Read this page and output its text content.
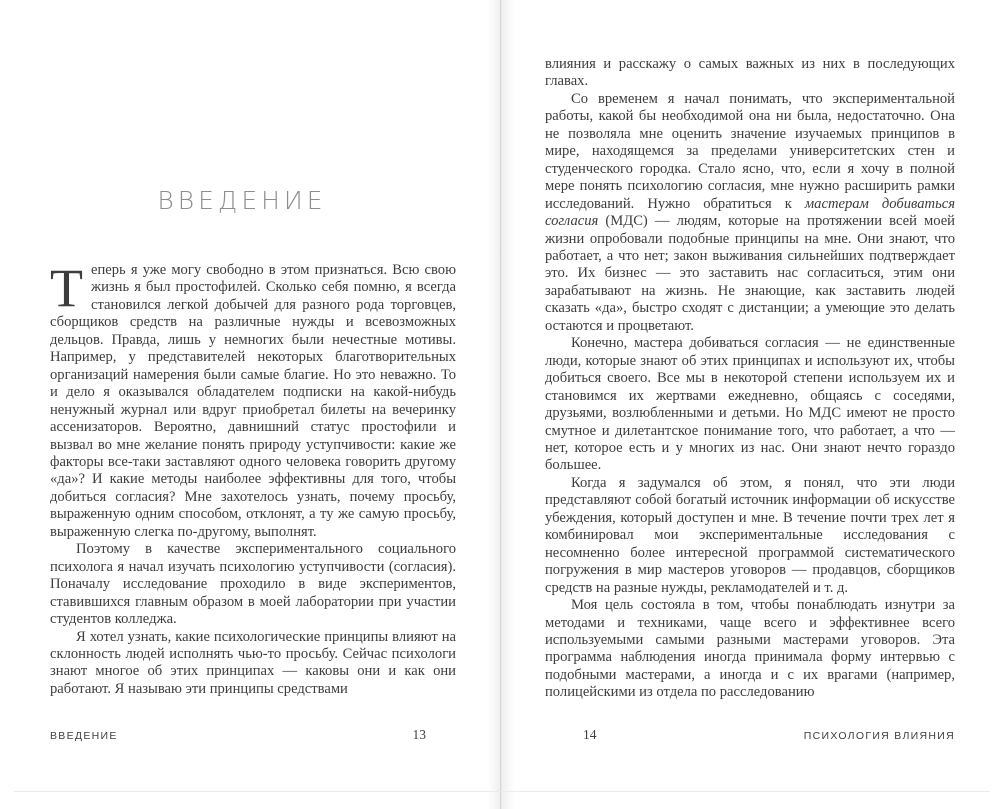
ВВЕДЕНИЕ

Теперь я уже могу свободно в этом признаться. Всю свою жизнь я был простофилей. Сколько себя помню, я всегда становился легкой добычей для разного рода торговцев, сборщиков средств на различные нужды и всевозможных дельцов. Правда, лишь у немногих были нечестные мотивы. Например, у представителей некоторых благотворительных организаций намерения были самые благие. Но это неважно. То и дело я оказывался обладателем подписки на какой-нибудь ненужный журнал или вдруг приобретал билеты на вечеринку ассенизаторов. Вероятно, давнишний статус простофили и вызвал во мне желание понять природу уступчивости: какие же факторы все-таки заставляют одного человека говорить другому «да»? И какие методы наиболее эффективны для того, чтобы добиться согласия? Мне захотелось узнать, почему просьбу, выраженную одним способом, отклонят, а ту же самую просьбу, выраженную слегка по-другому, выполнят.

Поэтому в качестве экспериментального социального психолога я начал изучать психологию уступчивости (согласия). Поначалу исследование проходило в виде экспериментов, ставившихся главным образом в моей лаборатории при участии студентов колледжа.

Я хотел узнать, какие психологические принципы влияют на склонность людей исполнять чью-то просьбу. Сейчас психологи знают многое об этих принципах — каковы они и как они работают. Я называю эти принципы средствами

ВВЕДЕНИЕ	13

влияния и расскажу о самых важных из них в последующих главах.

Со временем я начал понимать, что экспериментальной работы, какой бы необходимой она ни была, недостаточно. Она не позволяла мне оценить значение изучаемых принципов в мире, находящемся за пределами университетских стен и студенческого городка. Стало ясно, что, если я хочу в полной мере понять психологию согласия, мне нужно расширить рамки исследований. Нужно обратиться к мастерам добиваться согласия (МДС) — людям, которые на протяжении всей моей жизни опробовали подобные принципы на мне. Они знают, что работает, а что нет; закон выживания сильнейших подтверждает это. Их бизнес — это заставить нас согласиться, этим они зарабатывают на жизнь. Не знающие, как заставить людей сказать «да», быстро сходят с дистанции; а умеющие это делать остаются и процветают.

Конечно, мастера добиваться согласия — не единственные люди, которые знают об этих принципах и используют их, чтобы добиться своего. Все мы в некоторой степени используем их и становимся их жертвами ежедневно, общаясь с соседями, друзьями, возлюбленными и детьми. Но МДС имеют не просто смутное и дилетантское понимание того, что работает, а что — нет, которое есть и у многих из нас. Они знают нечто гораздо большее.

Когда я задумался об этом, я понял, что эти люди представляют собой богатый источник информации об искусстве убеждения, который доступен и мне. В течение почти трех лет я комбинировал мои экспериментальные исследования с несомненно более интересной программой систематического погружения в мир мастеров уговоров — продавцов, сборщиков средств на разные нужды, рекламодателей и т. д.

Моя цель состояла в том, чтобы понаблюдать изнутри за методами и техниками, чаще всего и эффективнее всего используемыми самыми разными мастерами уговоров. Эта программа наблюдения иногда принимала форму интервью с подобными мастерами, а иногда и с их врагами (например, полицейскими из отдела по расследованию

14	ПСИХОЛОГИЯ ВЛИЯНИЯ
